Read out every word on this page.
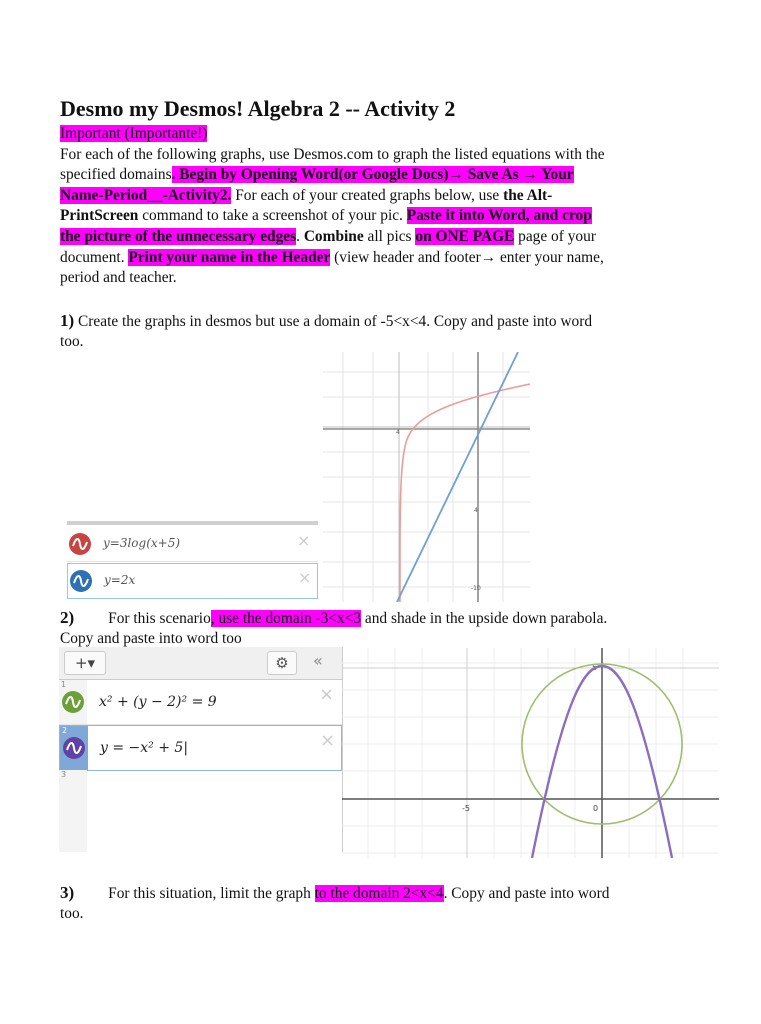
Desmo my Desmos! Algebra 2 -- Activity 2
Important (Importante!)
For each of the following graphs, use Desmos.com to graph the listed equations with the
specified domains. Begin by Opening Word(or Google Docs)→ Save As → Your
Name-Period__-Activity2. For each of your created graphs below, use the Alt-
PrintScreen command to take a screenshot of your pic. Paste it into Word, and crop
the picture of the unnecessary edges. Combine all pics on ONE PAGE page of your
document. Print your name in the Header (view header and footer→ enter your name,
period and teacher.
1) Create the graphs in desmos but use a domain of -5<x<4. Copy and paste into word
too.
4
4
-10
y=3log(x+5)	×
y=2x	×
2) For this scenario, use the domain -3<x<3 and shade in the upside down parabola.
Copy and paste into word too
+▾	⚙	«
1
x² + (y − 2)² = 9	×
2
y = −x² + 5|	×
3
-5	0
5
3) For this situation, limit the graph to the domain 2<x<4. Copy and paste into word
too.
